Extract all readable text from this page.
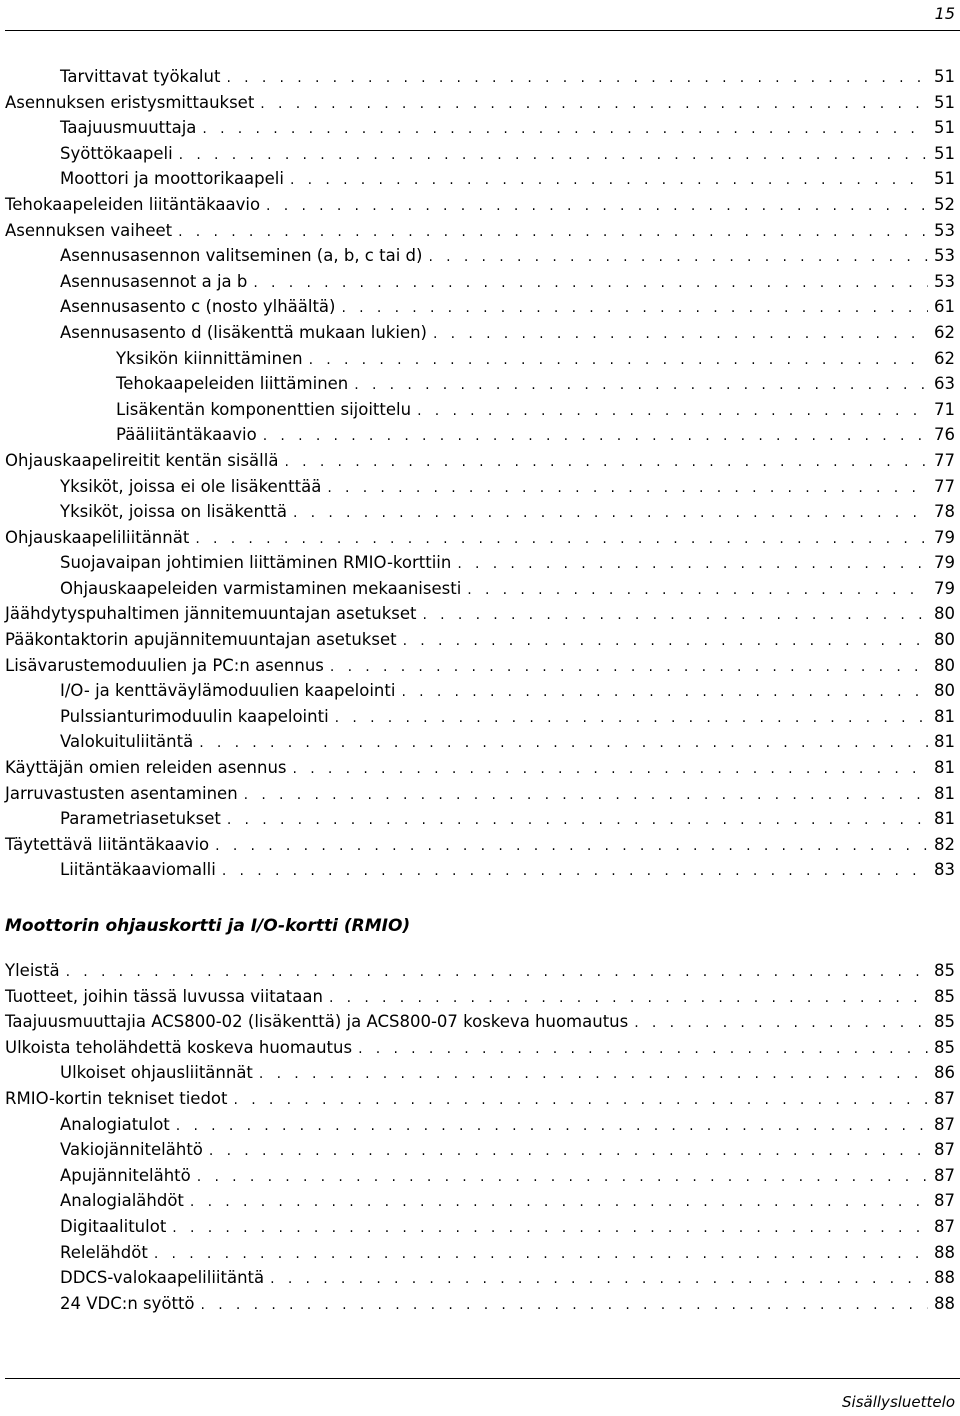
15
Tarvittavat työkalut . . .	51
Asennuksen eristysmittaukset . . .	51
Taajuusmuuttaja . . .	51
Syöttökaapeli . . .	51
Moottori ja moottorikaapeli . . .	51
Tehokaapeleiden liitäntäkaavio . . .	52
Asennuksen vaiheet . . .	53
Asennusasennon valitseminen (a, b, c tai d) . . .	53
Asennusasennot a ja b . . .	53
Asennusasento c (nosto ylhäältä) . . .	61
Asennusasento d (lisäkenttä mukaan lukien) . . .	62
Yksikön kiinnittäminen . . .	62
Tehokaapeleiden liittäminen . . .	63
Lisäkentän komponenttien sijoittelu . . .	71
Pääliitäntäkaavio . . .	76
Ohjauskaapelireitit kentän sisällä . . .	77
Yksiköt, joissa ei ole lisäkenttää . . .	77
Yksiköt, joissa on lisäkenttä . . .	78
Ohjauskaapeliliitännät . . .	79
Suojavaipan johtimien liittäminen RMIO-korttiin . . .	79
Ohjauskaapeleiden varmistaminen mekaanisesti . . .	79
Jäähdytyspuhaltimen jännitemuuntajan asetukset . . .	80
Pääkontaktorin apujännitemuuntajan asetukset . . .	80
Lisävarustemoduulien ja PC:n asennus . . .	80
I/O- ja kenttäväylämoduulien kaapelointi . . .	80
Pulssianturimoduulin kaapelointi . . .	81
Valokuituliitäntä . . .	81
Käyttäjän omien releiden asennus . . .	81
Jarruvastusten asentaminen . . .	81
Parametriasetukset . . .	81
Täytettävä liitäntäkaavio . . .	82
Liitäntäkaaviomalli . . .	83
Moottorin ohjauskortti ja I/O-kortti (RMIO)
Yleistä . . .	85
Tuotteet, joihin tässä luvussa viitataan . . .	85
Taajuusmuuttajia ACS800-02 (lisäkenttä) ja ACS800-07 koskeva huomautus . . .	85
Ulkoista teholähdettä koskeva huomautus . . .	85
Ulkoiset ohjausliitännät . . .	86
RMIO-kortin tekniset tiedot . . .	87
Analogiatulot . . .	87
Vakiojännitelähtö . . .	87
Apujännitelähtö . . .	87
Analogialähdöt . . .	87
Digitaalitulot . . .	87
Relelähdöt . . .	88
DDCS-valokaapeliliitäntä . . .	88
24 VDC:n syöttö . . .	88
Sisällysluettelo
